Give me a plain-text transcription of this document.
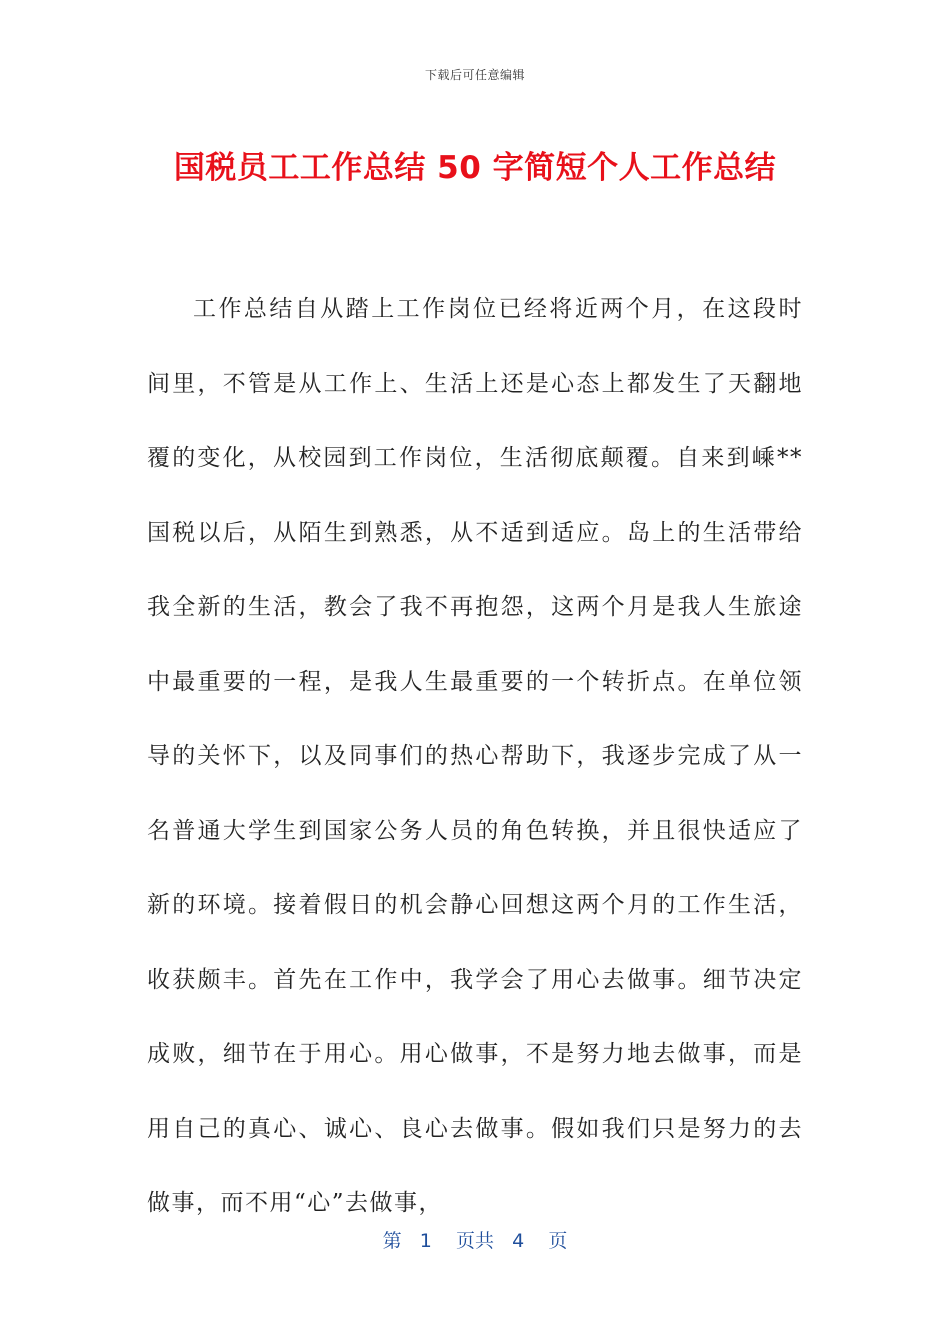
下载后可任意编辑
国税员工工作总结 50 字简短个人工作总结
工作总结自从踏上工作岗位已经将近两个月，在这段时间里，不管是从工作上、生活上还是心态上都发生了天翻地覆的变化，从校园到工作岗位，生活彻底颠覆。自来到嵊**国税以后，从陌生到熟悉，从不适到适应。岛上的生活带给我全新的生活，教会了我不再抱怨，这两个月是我人生旅途中最重要的一程，是我人生最重要的一个转折点。在单位领导的关怀下，以及同事们的热心帮助下，我逐步完成了从一名普通大学生到国家公务人员的角色转换，并且很快适应了新的环境。接着假日的机会静心回想这两个月的工作生活，收获颇丰。首先在工作中，我学会了用心去做事。细节决定成败，细节在于用心。用心做事，不是努力地去做事，而是用自己的真心、诚心、良心去做事。假如我们只是努力的去做事，而不用“心”去做事，
第 1 页共 4 页
